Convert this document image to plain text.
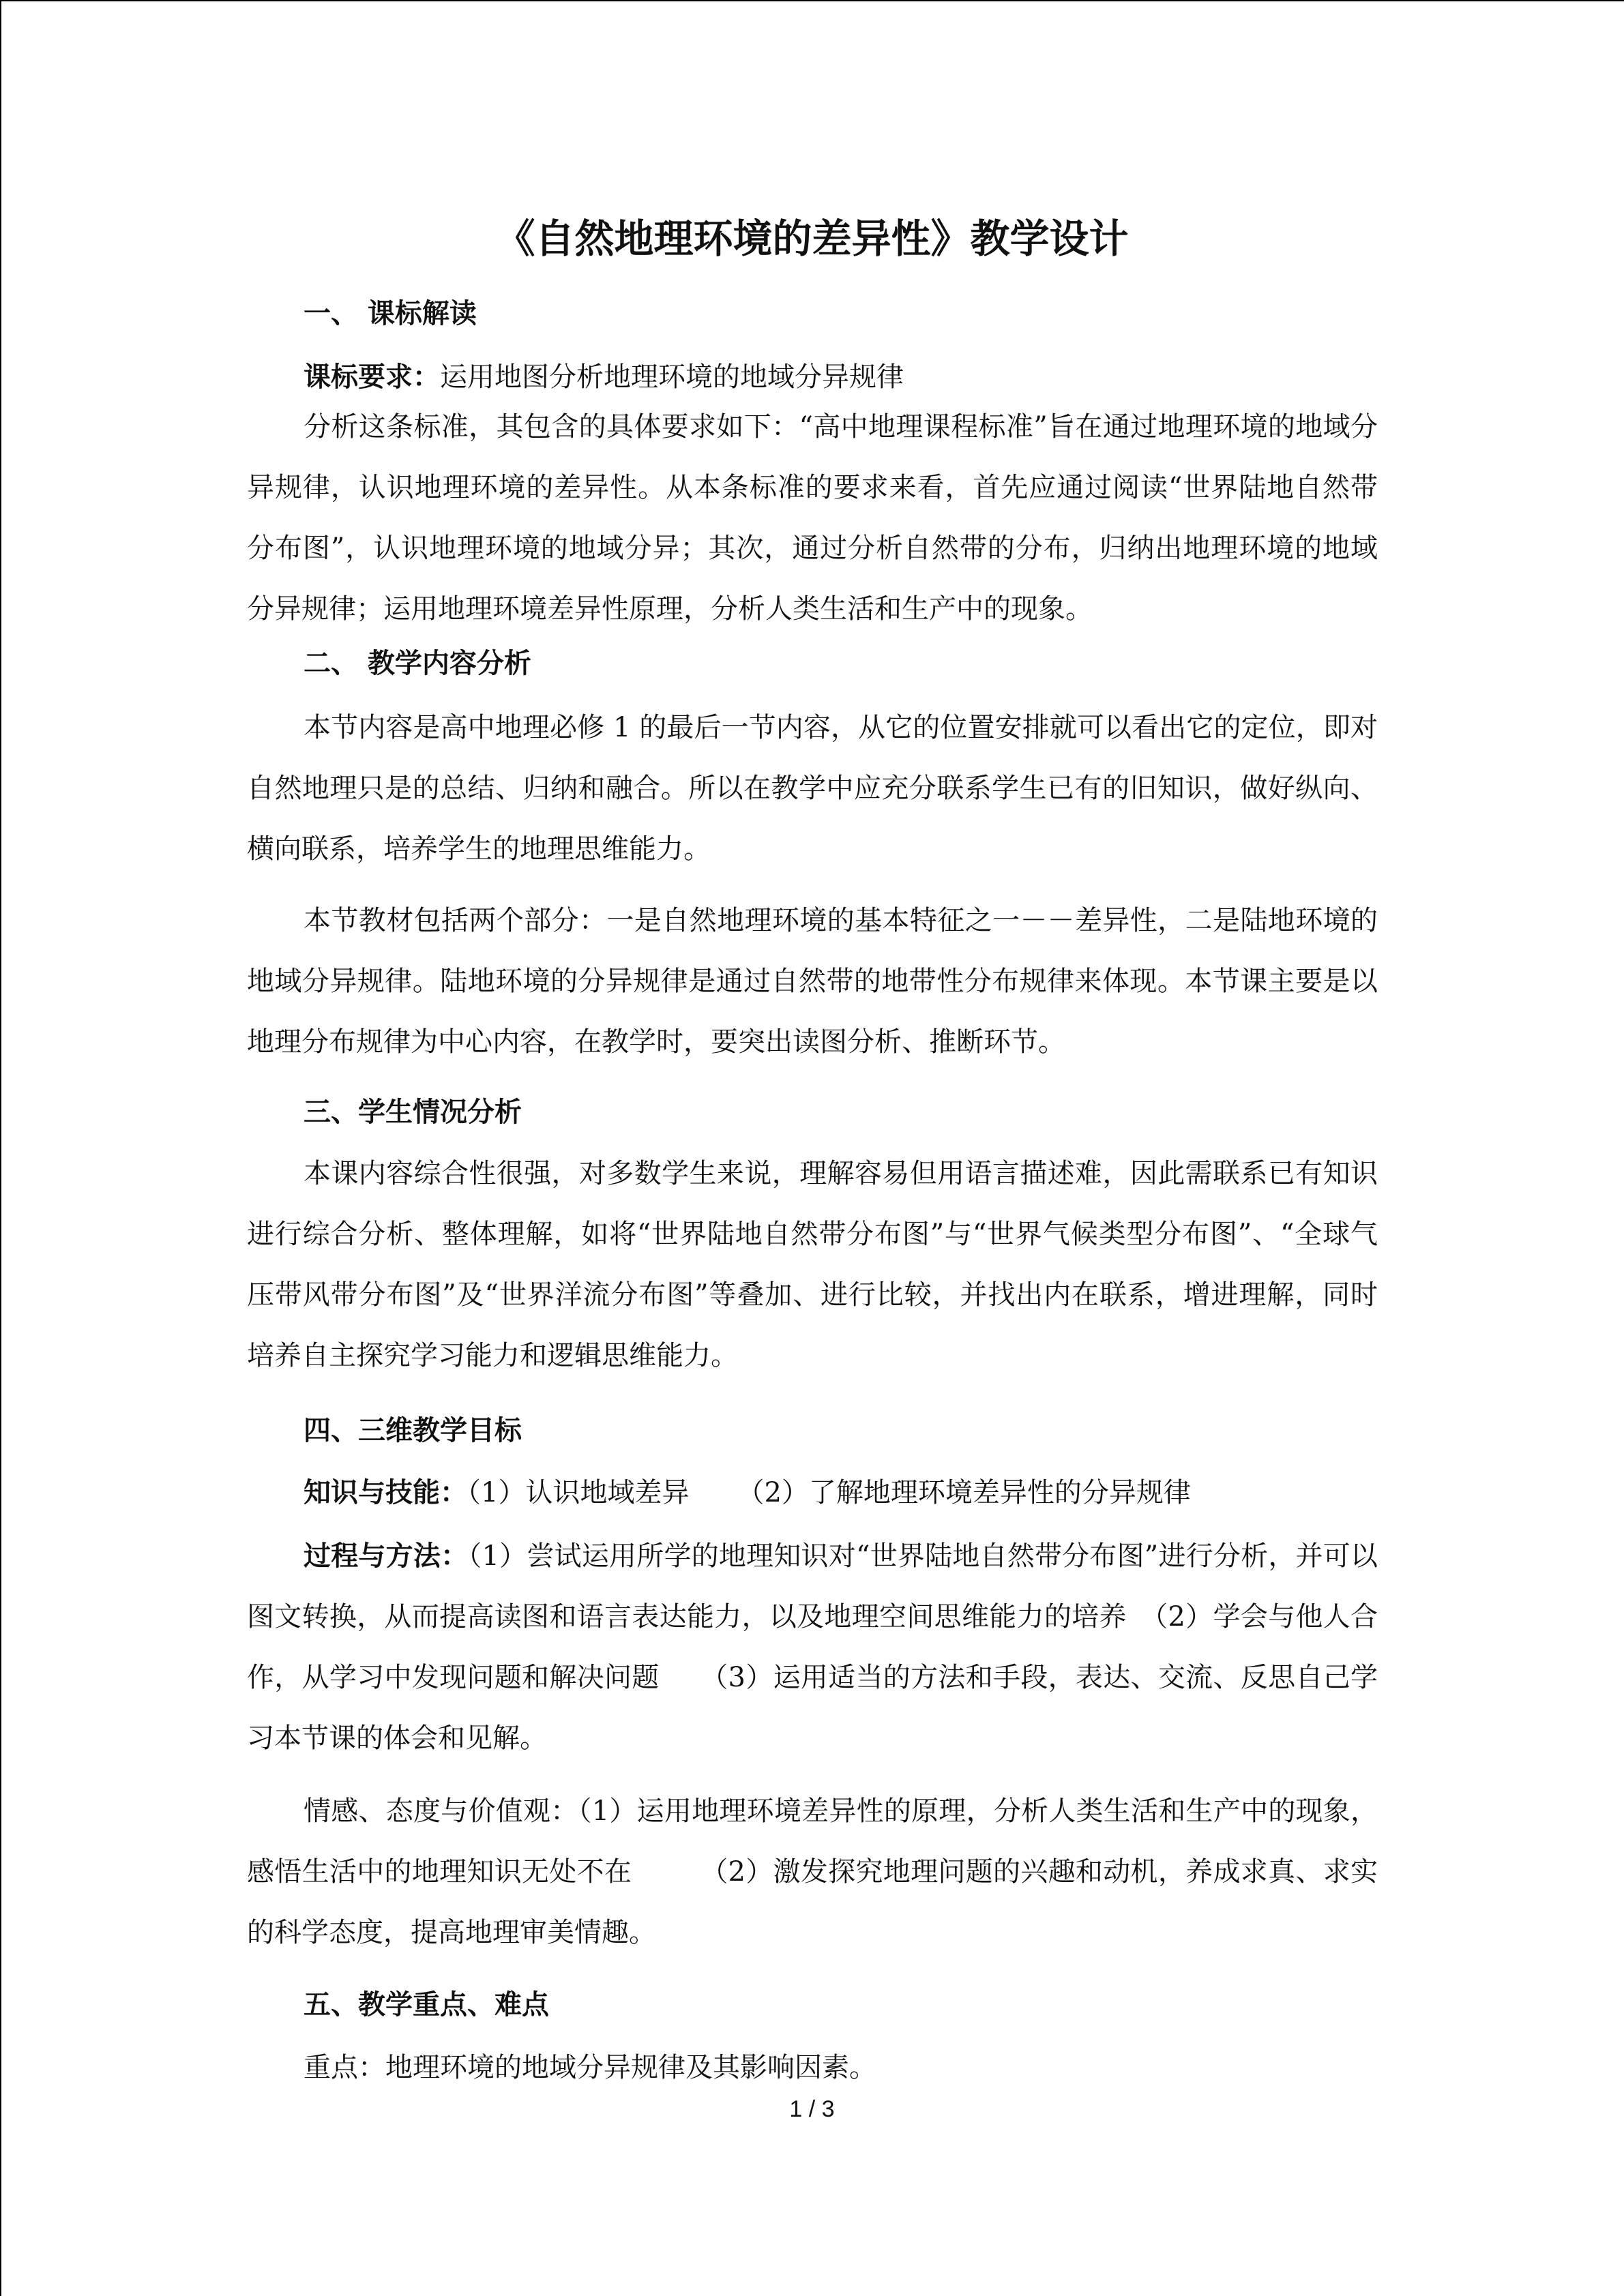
《自然地理环境的差异性》教学设计
一、 课标解读
课标要求：运用地图分析地理环境的地域分异规律
分析这条标准，其包含的具体要求如下：“高中地理课程标准”旨在通过地理环境的地域分异规律，认识地理环境的差异性。从本条标准的要求来看，首先应通过阅读“世界陆地自然带分布图”，认识地理环境的地域分异；其次，通过分析自然带的分布，归纳出地理环境的地域分异规律；运用地理环境差异性原理，分析人类生活和生产中的现象。
二、 教学内容分析
本节内容是高中地理必修 1 的最后一节内容，从它的位置安排就可以看出它的定位，即对自然地理只是的总结、归纳和融合。所以在教学中应充分联系学生已有的旧知识，做好纵向、横向联系，培养学生的地理思维能力。
本节教材包括两个部分：一是自然地理环境的基本特征之一－－差异性，二是陆地环境的地域分异规律。陆地环境的分异规律是通过自然带的地带性分布规律来体现。本节课主要是以地理分布规律为中心内容，在教学时，要突出读图分析、推断环节。
三、学生情况分析
本课内容综合性很强，对多数学生来说，理解容易但用语言描述难，因此需联系已有知识进行综合分析、整体理解，如将“世界陆地自然带分布图”与“世界气候类型分布图”、“全球气压带风带分布图”及“世界洋流分布图”等叠加、进行比较，并找出内在联系，增进理解，同时培养自主探究学习能力和逻辑思维能力。
四、三维教学目标
知识与技能：（1）认识地域差异 （2）了解地理环境差异性的分异规律
过程与方法：（1）尝试运用所学的地理知识对“世界陆地自然带分布图”进行分析，并可以图文转换，从而提高读图和语言表达能力，以及地理空间思维能力的培养　（2）学会与他人合作，从学习中发现问题和解决问题　　（3）运用适当的方法和手段，表达、交流、反思自己学习本节课的体会和见解。
情感、态度与价值观：（1）运用地理环境差异性的原理，分析人类生活和生产中的现象，感悟生活中的地理知识无处不在　　　（2）激发探究地理问题的兴趣和动机，养成求真、求实的科学态度，提高地理审美情趣。
五、教学重点、难点
重点：地理环境的地域分异规律及其影响因素。
1 / 3
